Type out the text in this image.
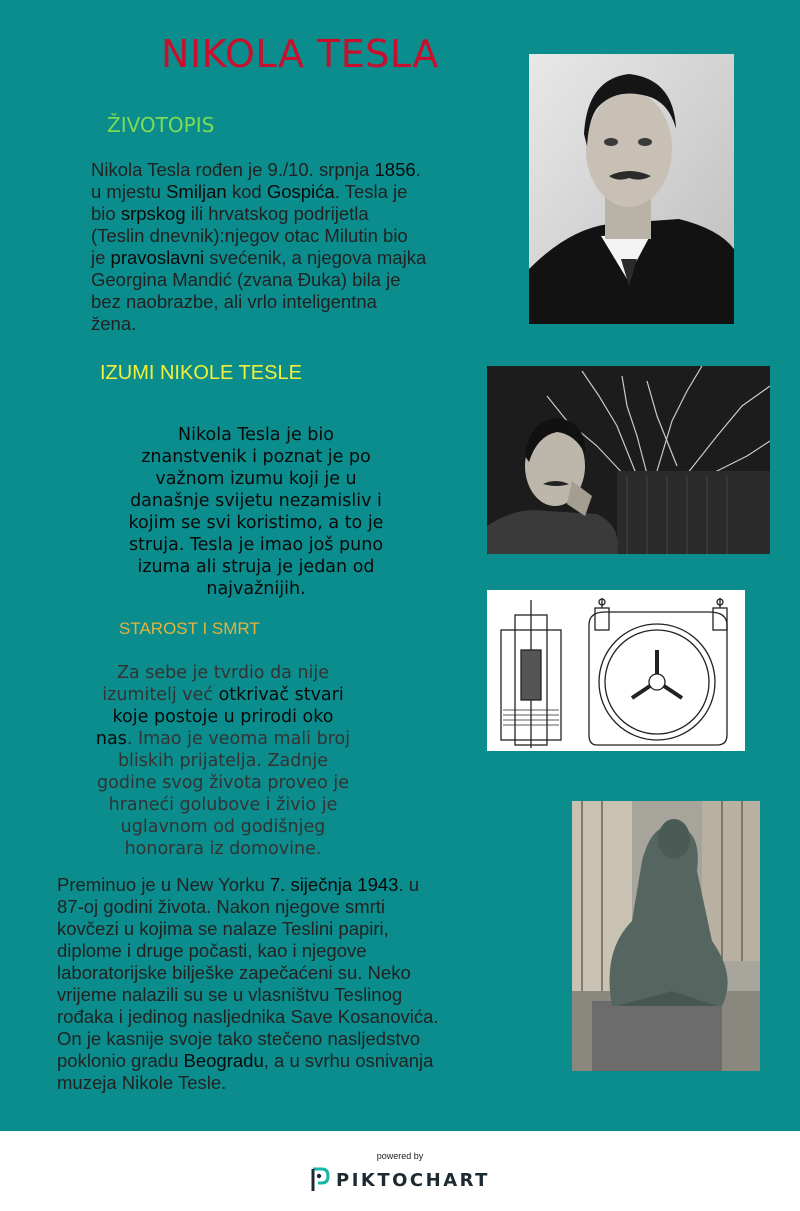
NIKOLA TESLA
ŽIVOTOPIS
Nikola Tesla rođen je 9./10. srpnja 1856.
u mjestu Smiljan kod Gospića. Tesla je
bio srpskog ili hrvatskog podrijetla
(Teslin dnevnik):njegov otac Milutin bio
je pravoslavni svećenik, a njegova majka
Georgina Mandić (zvana Đuka) bila je
bez naobrazbe, ali vrlo inteligentna
žena.
IZUMI NIKOLE TESLE
Nikola Tesla je bio
znanstvenik i poznat je po
važnom izumu koji je u
današnje svijetu nezamisliv i
kojim se svi koristimo, a to je
struja. Tesla je imao još puno
izuma ali struja je jedan od
najvažnijih.
STAROST I SMRT
Za sebe je tvrdio da nije
izumitelj već otkrivač stvari
koje postoje u prirodi oko
nas. Imao je veoma mali broj
bliskih prijatelja. Zadnje
godine svog života proveo je
hraneći golubove i živio je
uglavnom od godišnjeg
honorara iz domovine.
Preminuo je u New Yorku 7. siječnja 1943. u
87-oj godini života. Nakon njegove smrti
kovčezi u kojima se nalaze Teslini papiri,
diplome i druge počasti, kao i njegove
laboratorijske bilješke zapečaćeni su. Neko
vrijeme nalazili su se u vlasništvu Teslinog
rođaka i jedinog nasljednika Save Kosanovića.
On je kasnije svoje tako stečeno nasljedstvo
poklonio gradu Beogradu, a u svrhu osnivanja
muzeja Nikole Tesle.
powered by
PIKTOCHART
